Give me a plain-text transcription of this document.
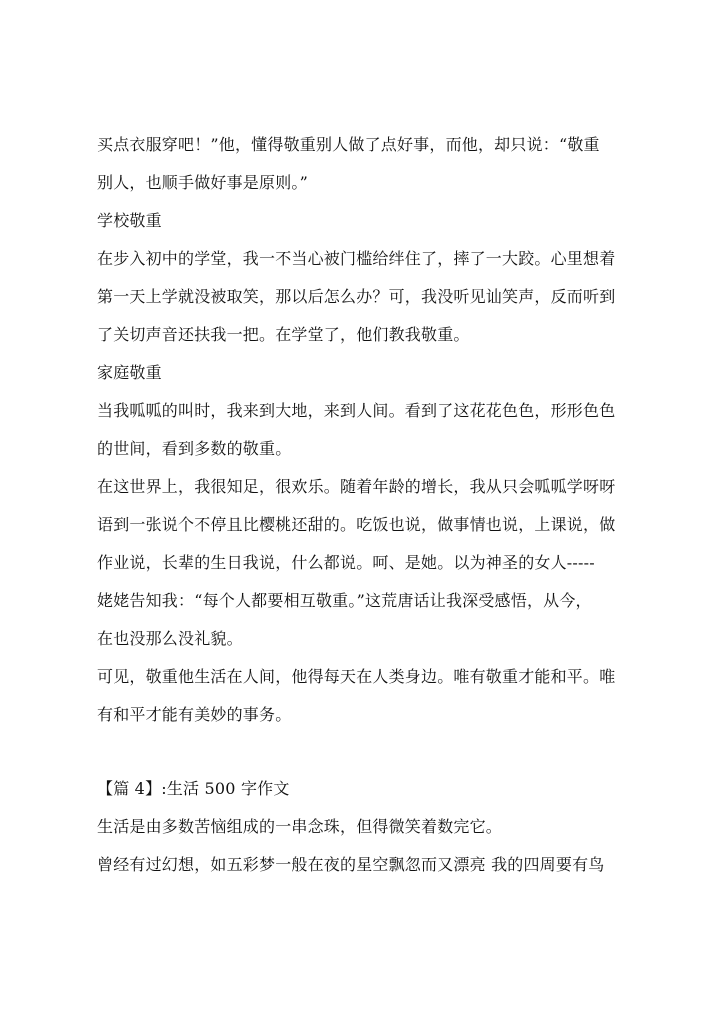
买点衣服穿吧！”他，懂得敬重别人做了点好事，而他，却只说：“敬重
别人，也顺手做好事是原则。”
学校敬重
在步入初中的学堂，我一不当心被门槛给绊住了，摔了一大跤。心里想着
第一天上学就没被取笑，那以后怎么办？可，我没听见讪笑声，反而听到
了关切声音还扶我一把。在学堂了，他们教我敬重。
家庭敬重
当我呱呱的叫时，我来到大地，来到人间。看到了这花花色色，形形色色
的世间，看到多数的敬重。
在这世界上，我很知足，很欢乐。随着年龄的增长，我从只会呱呱学呀呀
语到一张说个不停且比樱桃还甜的。吃饭也说，做事情也说，上课说，做
作业说，长辈的生日我说，什么都说。呵、是她。以为神圣的女人-----
姥姥告知我：“每个人都要相互敬重。”这荒唐话让我深受感悟，从今，
在也没那么没礼貌。
可见，敬重他生活在人间，他得每天在人类身边。唯有敬重才能和平。唯
有和平才能有美妙的事务。
【篇 4】:生活 500 字作文
生活是由多数苦恼组成的一串念珠，但得微笑着数完它。
曾经有过幻想，如五彩梦一般在夜的星空飘忽而又漂亮 我的四周要有鸟
